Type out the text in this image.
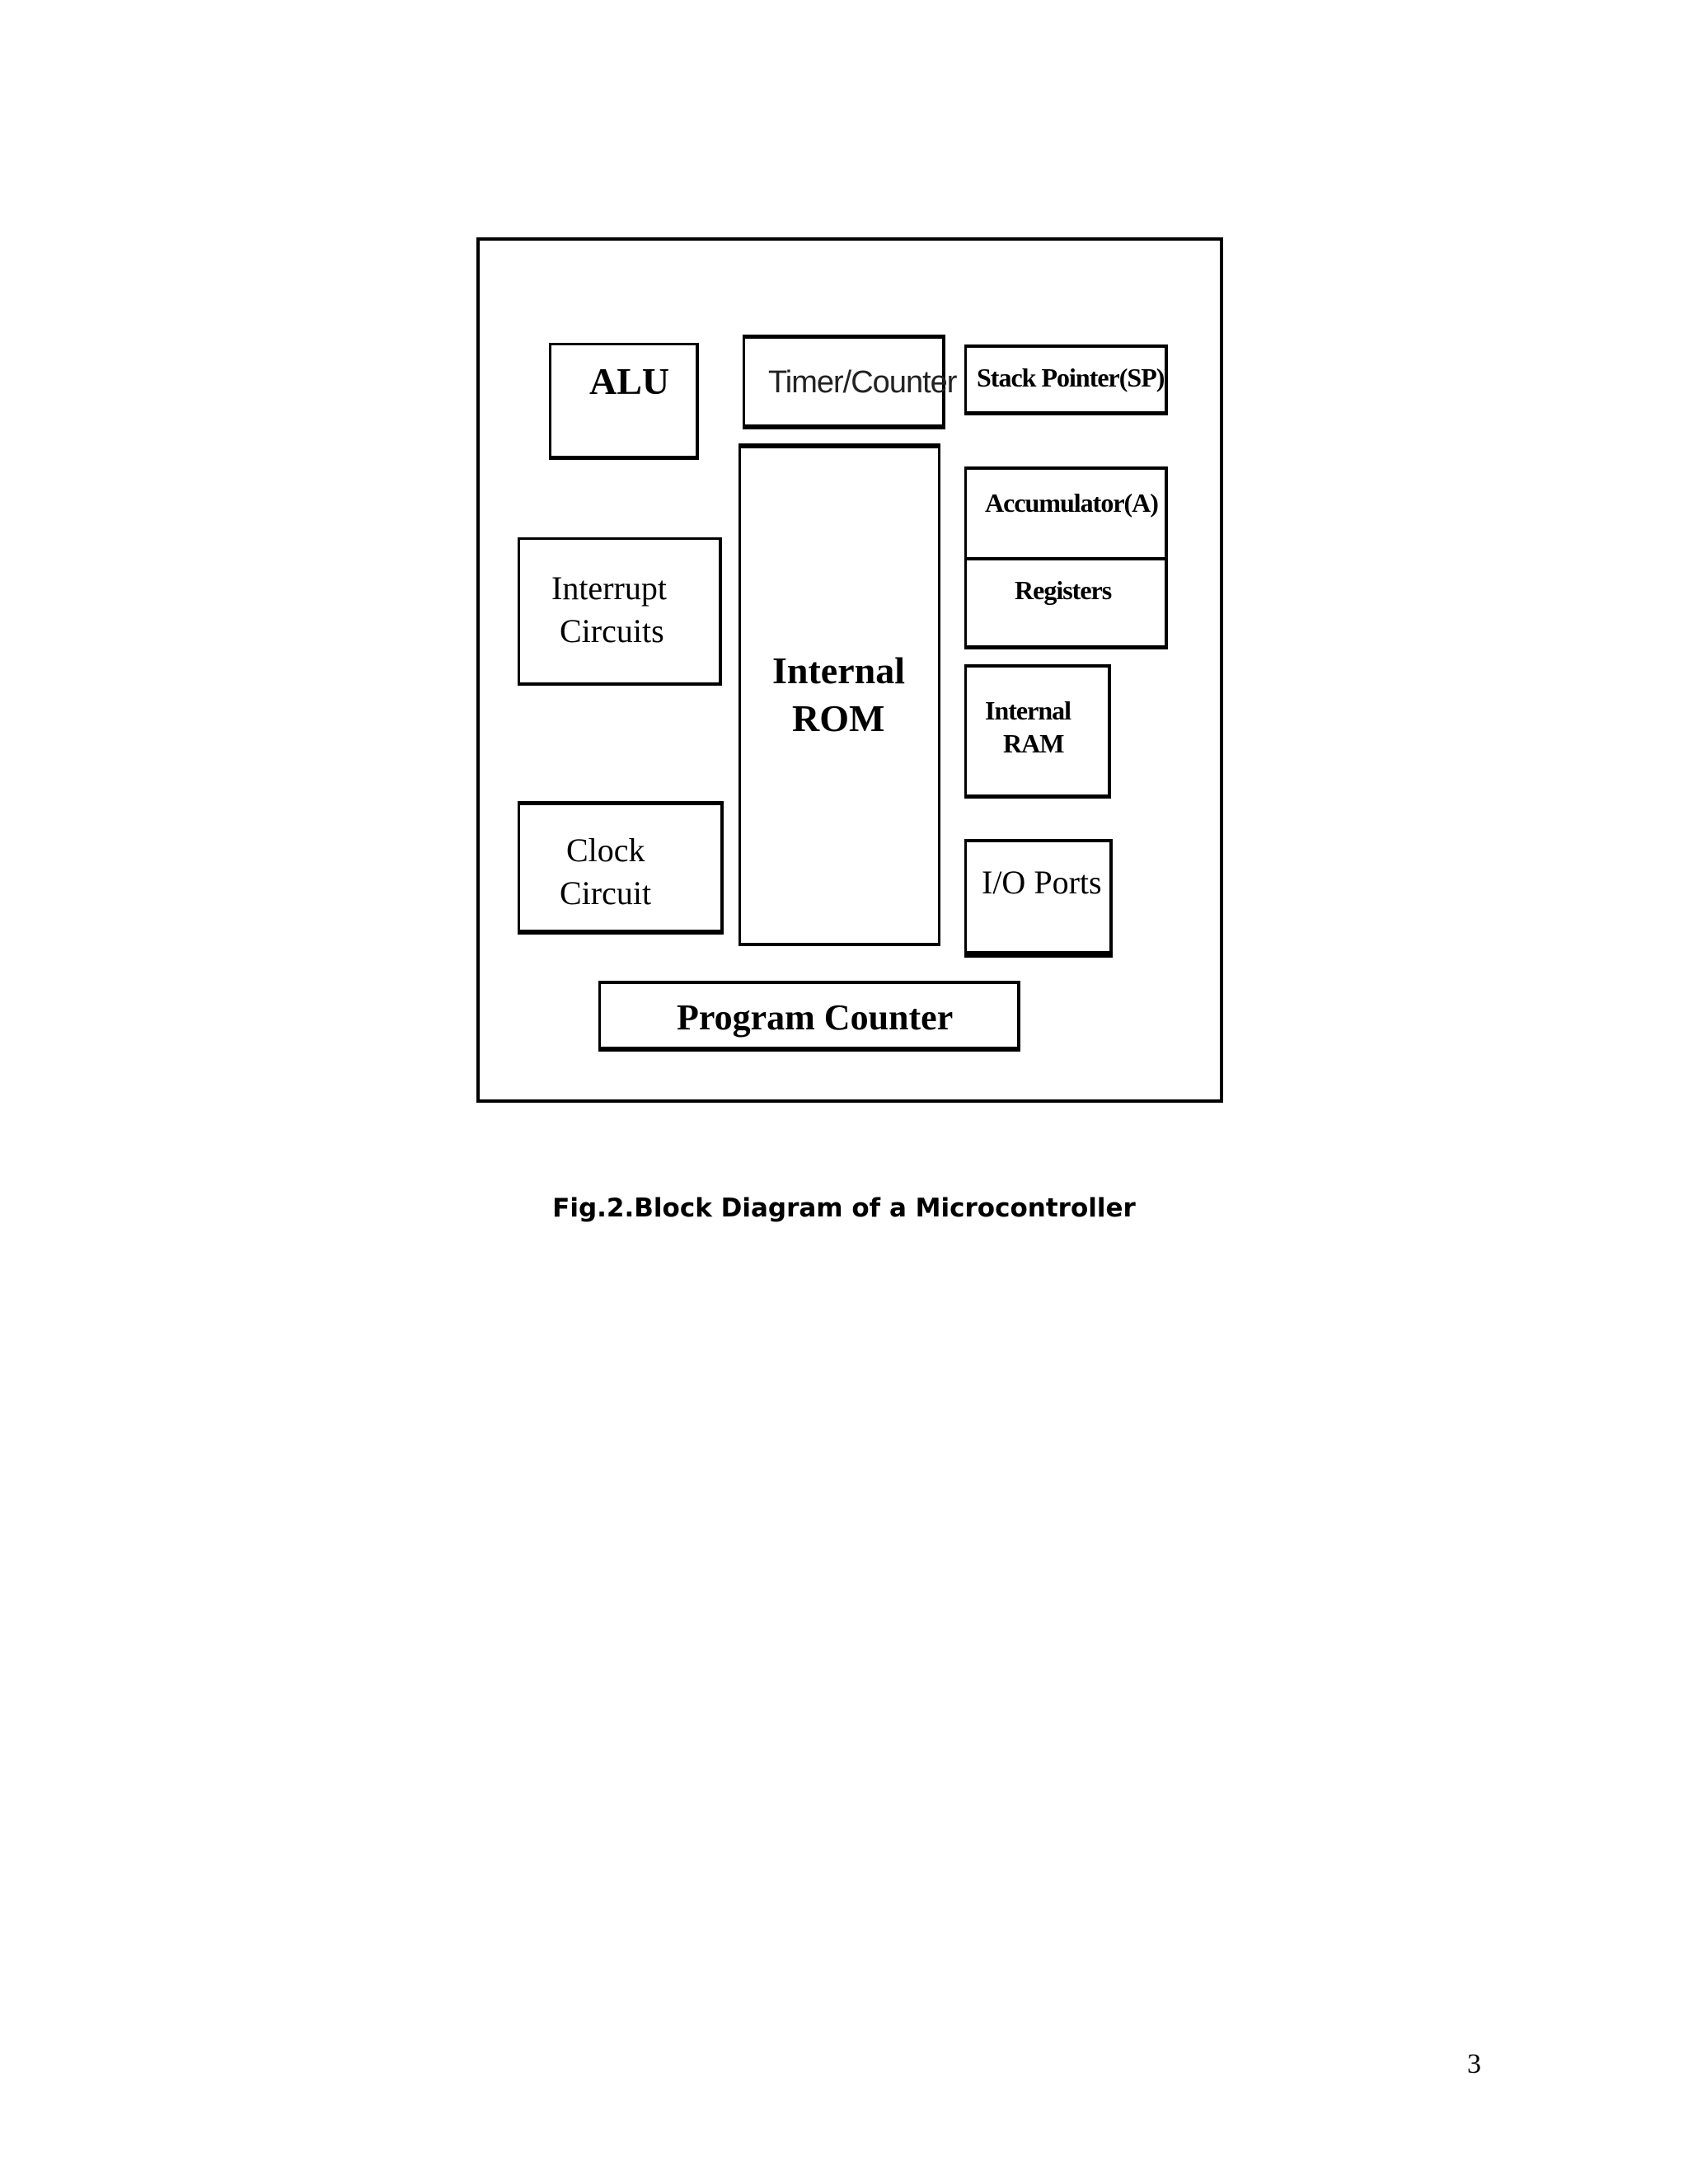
ALU	Timer/Counter Stack Pointer(SP)
Accumulator(A)
Registers
Interrupt
Circuits
Internal
ROM	Internal
RAM
Clock
Circuit	I/O Ports
Program Counter
Fig.2.Block Diagram of a Microcontroller
3
